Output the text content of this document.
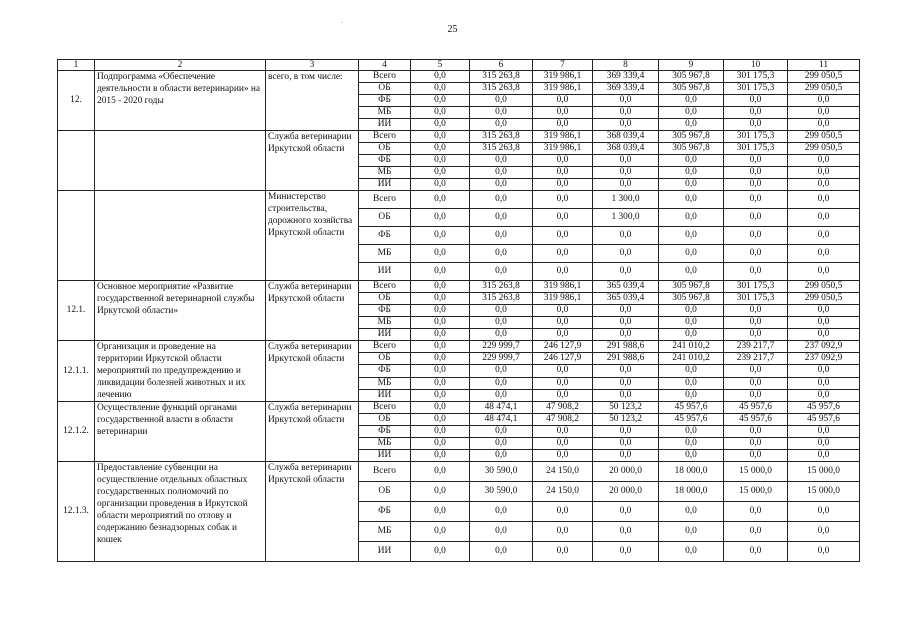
-
25
1	2	3	4	5	6	7	8	9	10	11
12.	Подпрограмма «Обеспечение деятельности в области ветеринарии» на 2015 - 2020 годы	всего, в том числе:	Всего	0,0	315 263,8	319 986,1	369 339,4	305 967,8	301 175,3	299 050,5
			ОБ	0,0	315 263,8	319 986,1	369 339,4	305 967,8	301 175,3	299 050,5
			ФБ	0,0	0,0	0,0	0,0	0,0	0,0	0,0
			МБ	0,0	0,0	0,0	0,0	0,0	0,0	0,0
			ИИ	0,0	0,0	0,0	0,0	0,0	0,0	0,0
		Служба ветеринарии Иркутской области	Всего	0,0	315 263,8	319 986,1	368 039,4	305 967,8	301 175,3	299 050,5
			ОБ	0,0	315 263,8	319 986,1	368 039,4	305 967,8	301 175,3	299 050,5
			ФБ	0,0	0,0	0,0	0,0	0,0	0,0	0,0
			МБ	0,0	0,0	0,0	0,0	0,0	0,0	0,0
			ИИ	0,0	0,0	0,0	0,0	0,0	0,0	0,0
		Министерство строительства, дорожного хозяйства Иркутской области	Всего	0,0	0,0	0,0	1 300,0	0,0	0,0	0,0
			ОБ	0,0	0,0	0,0	1 300,0	0,0	0,0	0,0
			ФБ	0,0	0,0	0,0	0,0	0,0	0,0	0,0
			МБ	0,0	0,0	0,0	0,0	0,0	0,0	0,0
			ИИ	0,0	0,0	0,0	0,0	0,0	0,0	0,0
12.1.	Основное мероприятие «Развитие государственной ветеринарной службы Иркутской области»	Служба ветеринарии Иркутской области	Всего	0,0	315 263,8	319 986,1	365 039,4	305 967,8	301 175,3	299 050,5
			ОБ	0,0	315 263,8	319 986,1	365 039,4	305 967,8	301 175,3	299 050,5
			ФБ	0,0	0,0	0,0	0,0	0,0	0,0	0,0
			МБ	0,0	0,0	0,0	0,0	0,0	0,0	0,0
			ИИ	0,0	0,0	0,0	0,0	0,0	0,0	0,0
12.1.1.	Организация и проведение на территории Иркутской области мероприятий по предупреждению и ликвидации болезней животных и их лечению	Служба ветеринарии Иркутской области	Всего	0,0	229 999,7	246 127,9	291 988,6	241 010,2	239 217,7	237 092,9
			ОБ	0,0	229 999,7	246 127,9	291 988,6	241 010,2	239 217,7	237 092,9
			ФБ	0,0	0,0	0,0	0,0	0,0	0,0	0,0
			МБ	0,0	0,0	0,0	0,0	0,0	0,0	0,0
			ИИ	0,0	0,0	0,0	0,0	0,0	0,0	0,0
12.1.2.	Осуществление функций органами государственной власти в области ветеринарии	Служба ветеринарии Иркутской области	Всего	0,0	48 474,1	47 908,2	50 123,2	45 957,6	45 957,6	45 957,6
			ОБ	0,0	48 474,1	47 908,2	50 123,2	45 957,6	45 957,6	45 957,6
			ФБ	0,0	0,0	0,0	0,0	0,0	0,0	0,0
			МБ	0,0	0,0	0,0	0,0	0,0	0,0	0,0
			ИИ	0,0	0,0	0,0	0,0	0,0	0,0	0,0
12.1.3.	Предоставление субвенции на осуществление отдельных областных государственных полномочий по организации проведения в Иркутской области мероприятий по отлову и содержанию безнадзорных собак и кошек	Служба ветеринарии Иркутской области	Всего	0,0	30 590,0	24 150,0	20 000,0	18 000,0	15 000,0	15 000,0
			ОБ	0,0	30 590,0	24 150,0	20 000,0	18 000,0	15 000,0	15 000,0
			ФБ	0,0	0,0	0,0	0,0	0,0	0,0	0,0
			МБ	0,0	0,0	0,0	0,0	0,0	0,0	0,0
			ИИ	0,0	0,0	0,0	0,0	0,0	0,0	0,0
